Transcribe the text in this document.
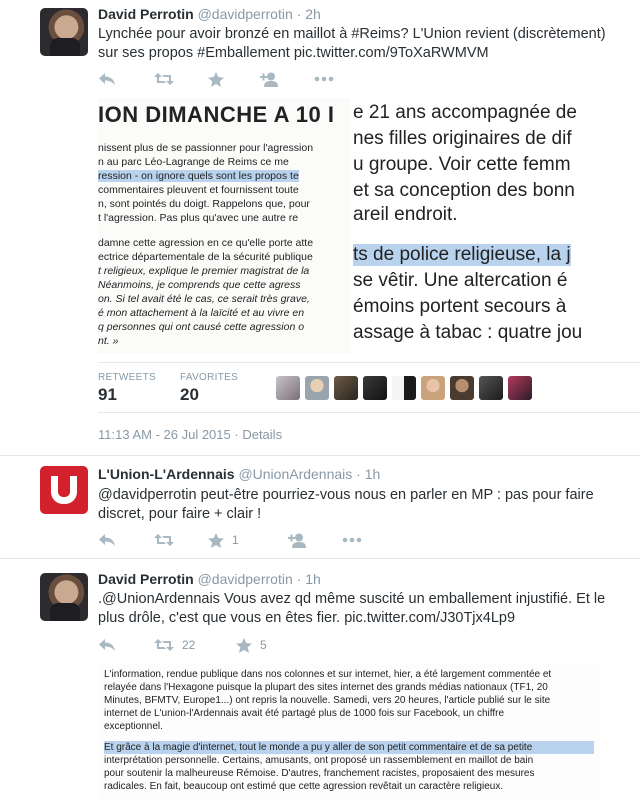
David Perrotin @davidperrotin · 2h
Lynchée pour avoir bronzé en maillot à #Reims? L'Union revient (discrètement)
sur ses propos #Emballement pic.twitter.com/9ToXaRWMVM
ION DIMANCHE A 10 I
nissent plus de se passionner pour l'agression
n au parc Léo-Lagrange de Reims ce me
ression - on ignore quels sont les propos te
commentaires pleuvent et fournissent toute
n, sont pointés du doigt. Rappelons que, pour
t l'agression. Pas plus qu'avec une autre re
damne cette agression en ce qu'elle porte atte
ectrice départementale de la sécurité publique
t religieux, explique le premier magistrat de la
Néanmoins, je comprends que cette agress
on. Si tel avait été le cas, ce serait très grave,
é mon attachement à la laïcité et au vivre en
q personnes qui ont causé cette agression o
nt. »
e 21 ans accompagnée de
nes filles originaires de dif
u groupe. Voir cette femm
et sa conception des bonn
areil endroit.
ts de police religieuse, la j
se vêtir. Une altercation é
émoins portent secours à
assage à tabac : quatre jou
RETWEETS
91
FAVORITES
20
11:13 AM - 26 Jul 2015 · Details
L'Union-L'Ardennais @UnionArdennais · 1h
@davidperrotin peut-être pourriez-vous nous en parler en MP : pas pour faire
discret, pour faire + clair !
1
David Perrotin @davidperrotin · 1h
.@UnionArdennais Vous avez qd même suscité un emballement injustifié. Et le
plus drôle, c'est que vous en êtes fier. pic.twitter.com/J30Tjx4Lp9
22	5
L'information, rendue publique dans nos colonnes et sur internet, hier, a été largement commentée et
relayée dans l'Hexagone puisque la plupart des sites internet des grands médias nationaux (TF1, 20
Minutes, BFMTV, Europe1...) ont repris la nouvelle. Samedi, vers 20 heures, l'article publié sur le site
internet de L'union-l'Ardennais avait été partagé plus de 1000 fois sur Facebook, un chiffre
exceptionnel.
Et grâce à la magie d'internet, tout le monde a pu y aller de son petit commentaire et de sa petite
interprétation personnelle. Certains, amusants, ont proposé un rassemblement en maillot de bain
pour soutenir la malheureuse Rémoise. D'autres, franchement racistes, proposaient des mesures
radicales. En fait, beaucoup ont estimé que cette agression revêtait un caractère religieux.
